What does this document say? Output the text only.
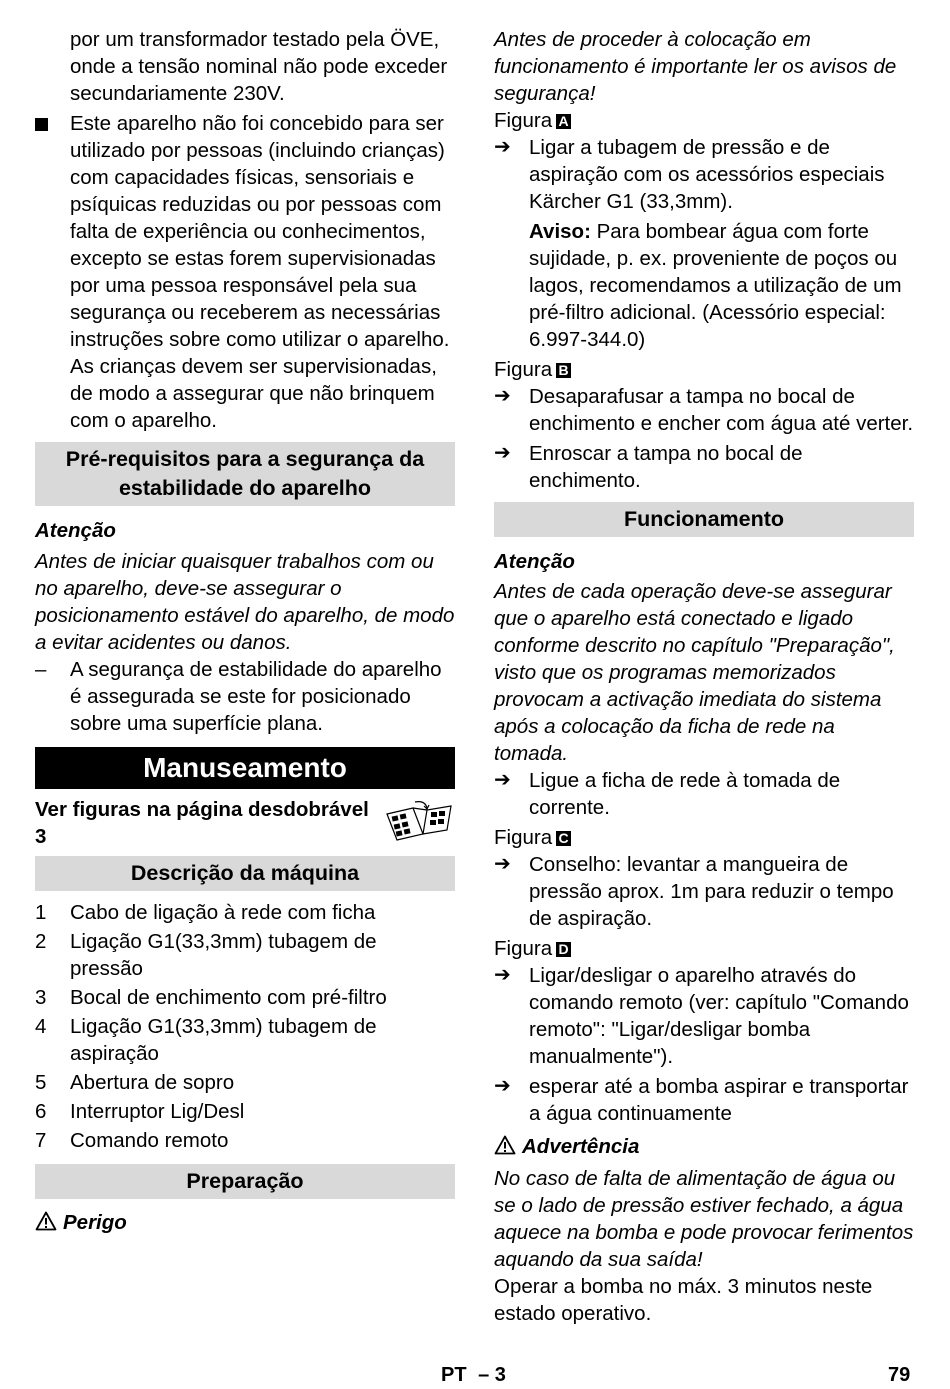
por um transformador testado pela ÖVE, onde a tensão nominal não pode exceder secundariamente 230V.

Este aparelho não foi concebido para ser utilizado por pessoas (incluindo crianças) com capacidades físicas, sensoriais e psíquicas reduzidas ou por pessoas com falta de experiência ou conhecimentos, excepto se estas forem supervisionadas por uma pessoa responsável pela sua segurança ou receberem as necessárias instruções sobre como utilizar o aparelho. As crianças devem ser supervisionadas, de modo a assegurar que não brinquem com o aparelho.

Pré-requisitos para a segurança da estabilidade do aparelho

Atenção

Antes de iniciar quaisquer trabalhos com ou no aparelho, deve-se assegurar o posicionamento estável do aparelho, de modo a evitar acidentes ou danos.

–	A segurança de estabilidade do aparelho é assegurada se este for posicionado sobre uma superfície plana.

Manuseamento

Ver figuras na página desdobrável 3

Descrição da máquina
1	Cabo de ligação à rede com ficha

2	Ligação G1(33,3mm) tubagem de pressão

3	Bocal de enchimento com pré-filtro

4	Ligação G1(33,3mm) tubagem de aspiração

5	Abertura de sopro

6	Interruptor Lig/Desl

7	Comando remoto

Preparação

Perigo

Antes de proceder à colocação em funcionamento é importante ler os avisos de segurança!

Figura A

➔ Ligar a tubagem de pressão e de aspiração com os acessórios especiais Kärcher G1 (33,3mm).

Aviso: Para bombear água com forte sujidade, p. ex. proveniente de poços ou lagos, recomendamos a utilização de um pré-filtro adicional. (Acessório especial: 6.997-344.0)

Figura B

➔ Desaparafusar a tampa no bocal de enchimento e encher com água até verter.

➔ Enroscar a tampa no bocal de enchimento.

Funcionamento

Atenção

Antes de cada operação deve-se assegurar que o aparelho está conectado e ligado conforme descrito no capítulo "Preparação", visto que os programas memorizados provocam a activação imediata do sistema após a colocação da ficha de rede na tomada.

➔ Ligue a ficha de rede à tomada de corrente.

Figura C

➔ Conselho: levantar a mangueira de pressão aprox. 1m para reduzir o tempo de aspiração.

Figura D

➔ Ligar/desligar o aparelho através do comando remoto (ver: capítulo "Comando remoto": "Ligar/desligar bomba manualmente").

➔ esperar até a bomba aspirar e transportar a água continuamente

Advertência

No caso de falta de alimentação de água ou se o lado de pressão estiver fechado, a água aquece na bomba e pode provocar ferimentos aquando da sua saída!

Operar a bomba no máx. 3 minutos neste estado operativo.

PT – 3	79
